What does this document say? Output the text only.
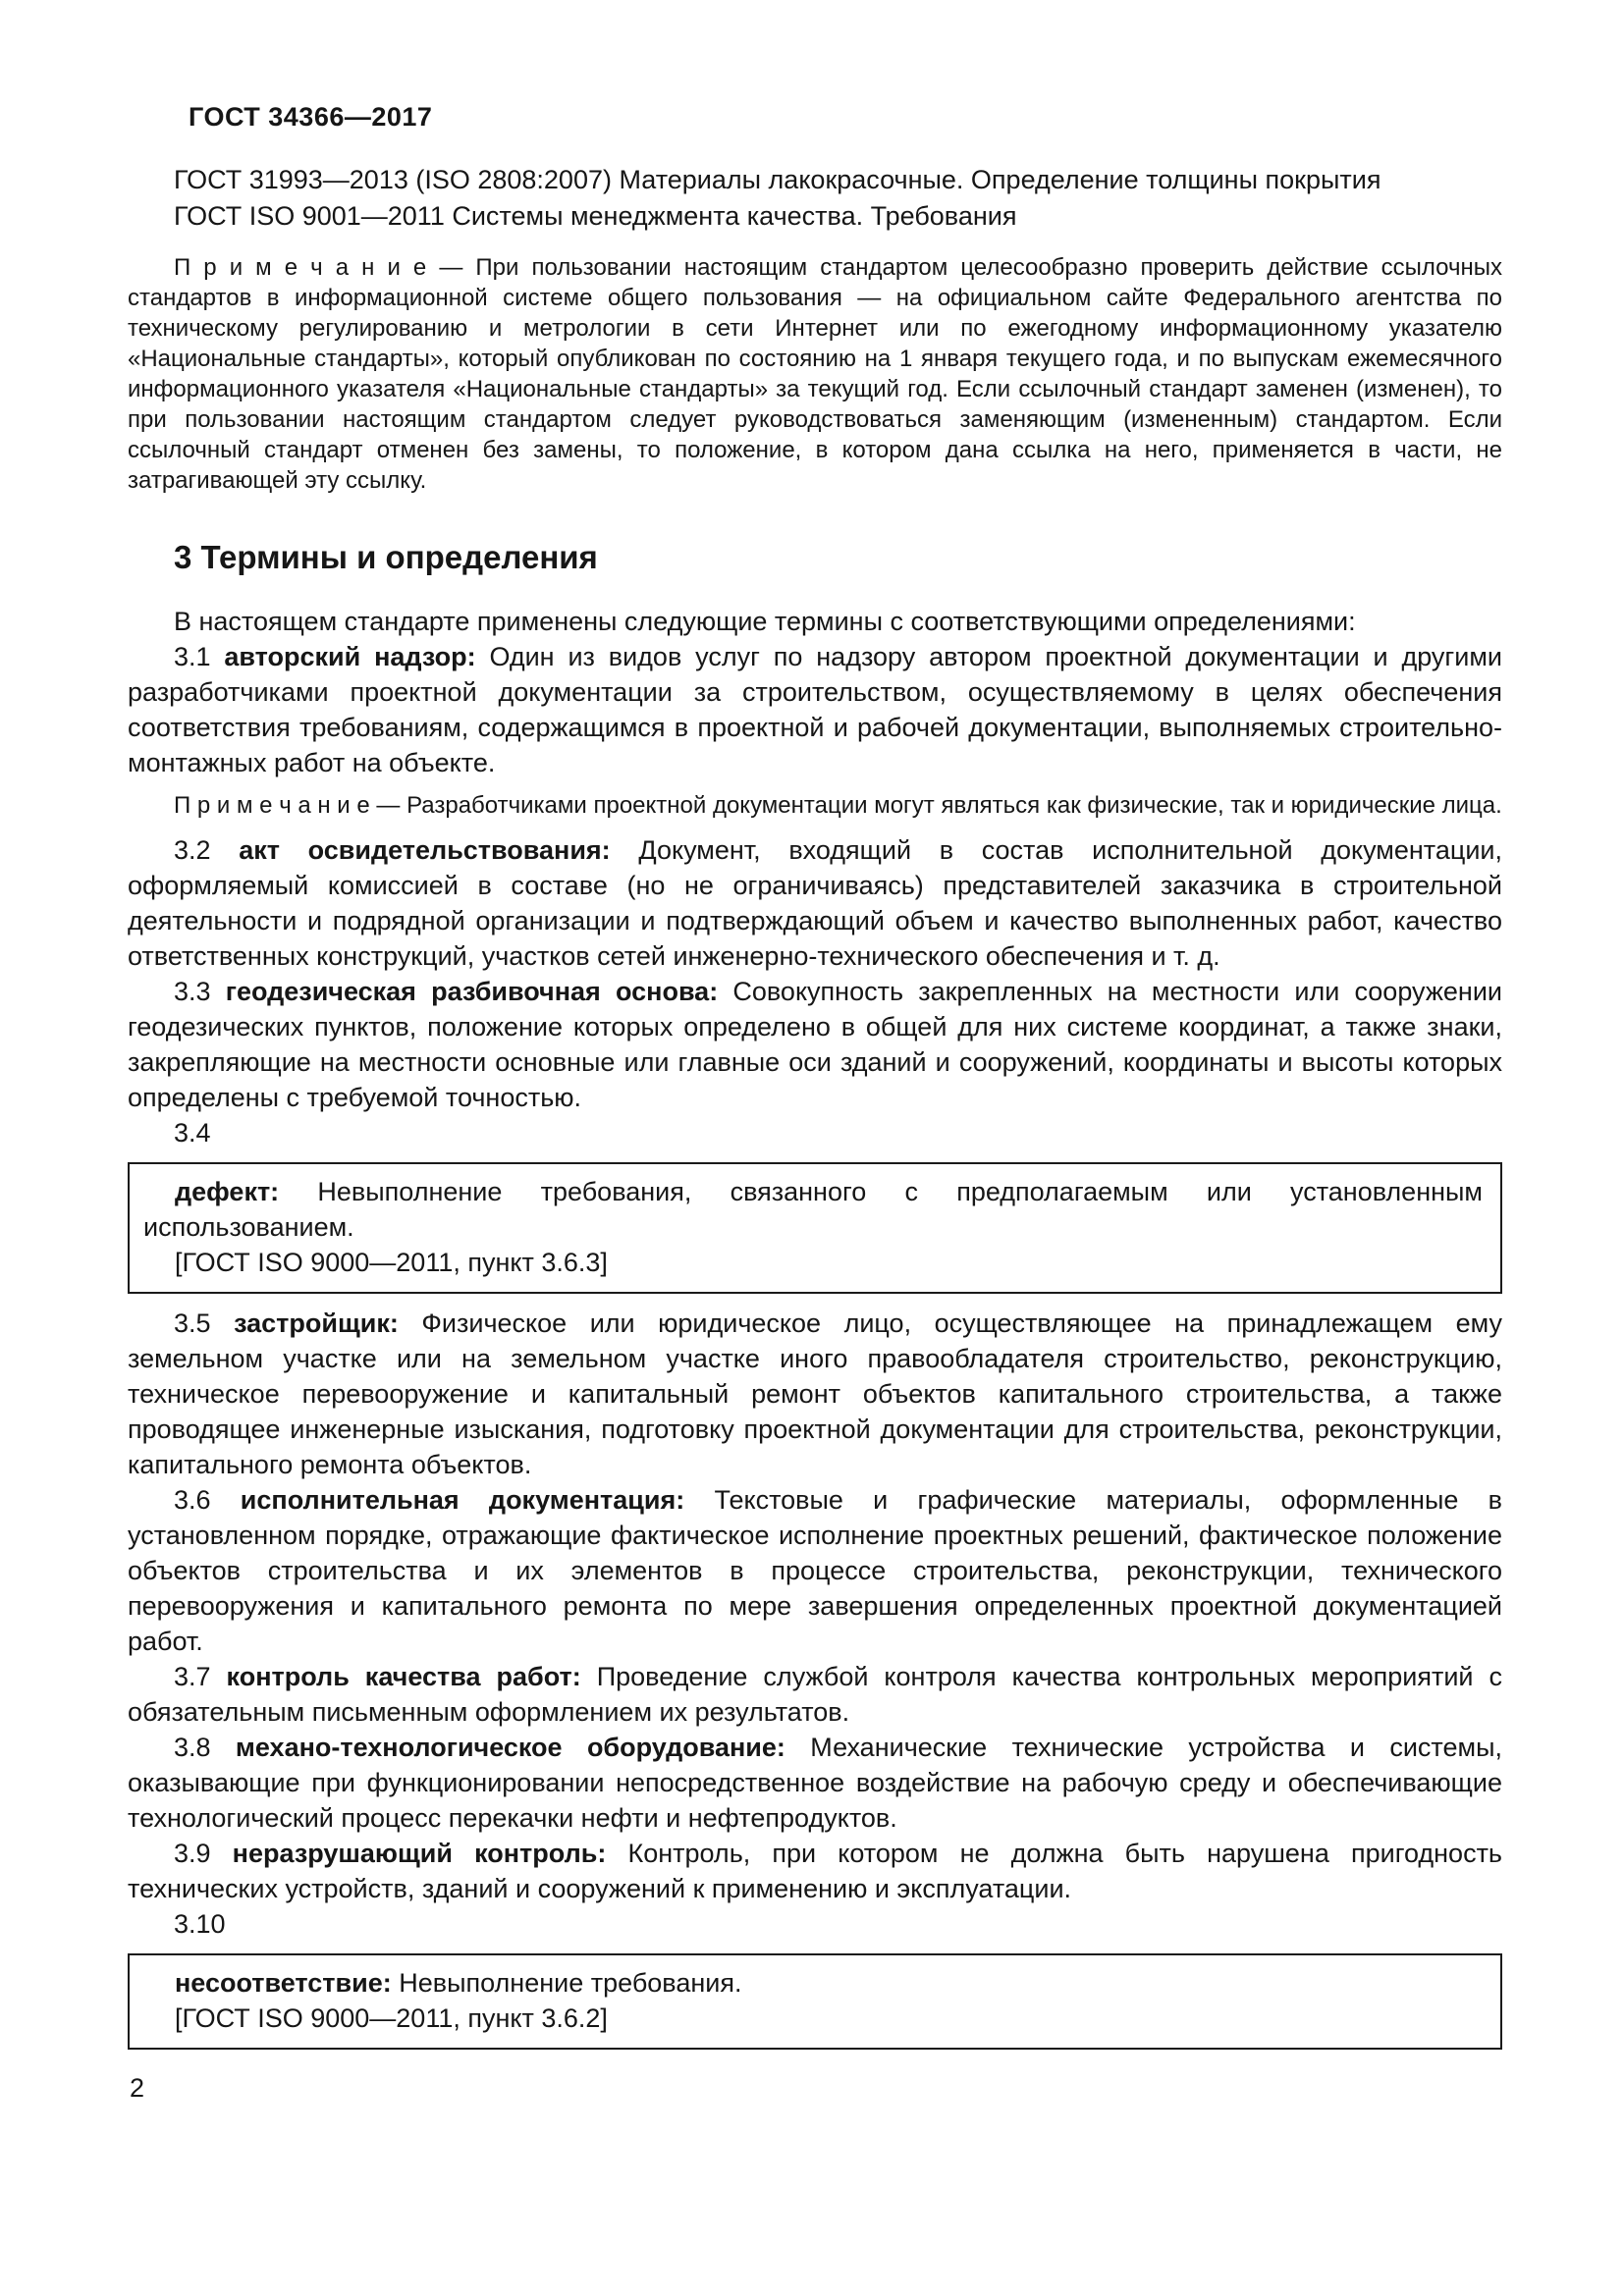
ГОСТ 34366—2017

ГОСТ 31993—2013 (ISO 2808:2007) Материалы лакокрасочные. Определение толщины покрытия

ГОСТ ISO 9001—2011 Системы менеджмента качества. Требования

П р и м е ч а н и е — При пользовании настоящим стандартом целесообразно проверить действие ссылочных стандартов в информационной системе общего пользования — на официальном сайте Федерального агентства по техническому регулированию и метрологии в сети Интернет или по ежегодному информационному указателю «Национальные стандарты», который опубликован по состоянию на 1 января текущего года, и по выпускам ежемесячного информационного указателя «Национальные стандарты» за текущий год. Если ссылочный стандарт заменен (изменен), то при пользовании настоящим стандартом следует руководствоваться заменяющим (измененным) стандартом. Если ссылочный стандарт отменен без замены, то положение, в котором дана ссылка на него, применяется в части, не затрагивающей эту ссылку.

3 Термины и определения

В настоящем стандарте применены следующие термины с соответствующими определениями:

3.1 авторский надзор: Один из видов услуг по надзору автором проектной документации и другими разработчиками проектной документации за строительством, осуществляемому в целях обеспечения соответствия требованиям, содержащимся в проектной и рабочей документации, выполняемых строительно-монтажных работ на объекте.

П р и м е ч а н и е — Разработчиками проектной документации могут являться как физические, так и юридические лица.

3.2 акт освидетельствования: Документ, входящий в состав исполнительной документации, оформляемый комиссией в составе (но не ограничиваясь) представителей заказчика в строительной деятельности и подрядной организации и подтверждающий объем и качество выполненных работ, качество ответственных конструкций, участков сетей инженерно-технического обеспечения и т. д.

3.3 геодезическая разбивочная основа: Совокупность закрепленных на местности или сооружении геодезических пунктов, положение которых определено в общей для них системе координат, а также знаки, закрепляющие на местности основные или главные оси зданий и сооружений, координаты и высоты которых определены с требуемой точностью.

3.4

дефект: Невыполнение требования, связанного с предполагаемым или установленным использованием.

[ГОСТ ISO 9000—2011, пункт 3.6.3]

3.5 застройщик: Физическое или юридическое лицо, осуществляющее на принадлежащем ему земельном участке или на земельном участке иного правообладателя строительство, реконструкцию, техническое перевооружение и капитальный ремонт объектов капитального строительства, а также проводящее инженерные изыскания, подготовку проектной документации для строительства, реконструкции, капитального ремонта объектов.

3.6 исполнительная документация: Текстовые и графические материалы, оформленные в установленном порядке, отражающие фактическое исполнение проектных решений, фактическое положение объектов строительства и их элементов в процессе строительства, реконструкции, технического перевооружения и капитального ремонта по мере завершения определенных проектной документацией работ.

3.7 контроль качества работ: Проведение службой контроля качества контрольных мероприятий с обязательным письменным оформлением их результатов.

3.8 механо-технологическое оборудование: Механические технические устройства и системы, оказывающие при функционировании непосредственное воздействие на рабочую среду и обеспечивающие технологический процесс перекачки нефти и нефтепродуктов.

3.9 неразрушающий контроль: Контроль, при котором не должна быть нарушена пригодность технических устройств, зданий и сооружений к применению и эксплуатации.

3.10

несоответствие: Невыполнение требования.

[ГОСТ ISO 9000—2011, пункт 3.6.2]

2
